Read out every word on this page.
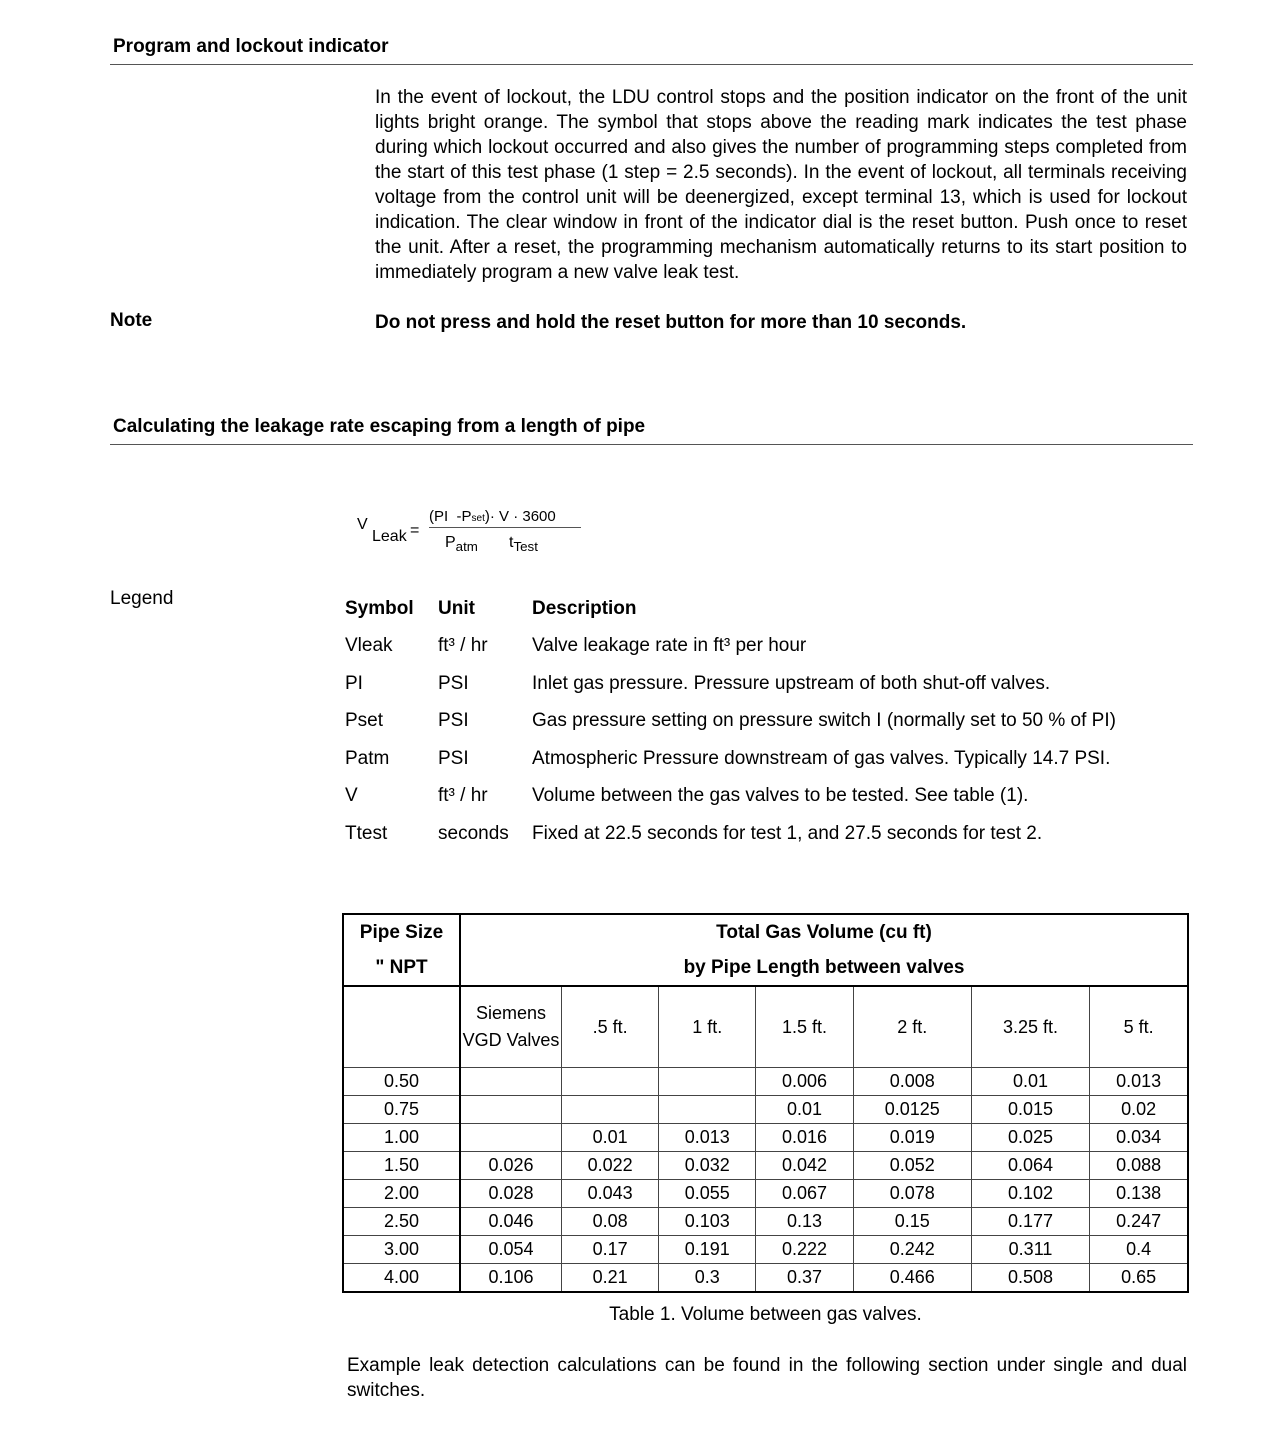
Program and lockout indicator
In the event of lockout, the LDU control stops and the position indicator on the front of the unit lights bright orange. The symbol that stops above the reading mark indicates the test phase during which lockout occurred and also gives the number of programming steps completed from the start of this test phase (1 step = 2.5 seconds). In the event of lockout, all terminals receiving voltage from the control unit will be deenergized, except terminal 13, which is used for lockout indication. The clear window in front of the indicator dial is the reset button. Push once to reset the unit. After a reset, the programming mechanism automatically returns to its start position to immediately program a new valve leak test.
Note	Do not press and hold the reset button for more than 10 seconds.
Calculating the leakage rate escaping from a length of pipe
V
Leak =
(PI -Pset)· V · 3600
$P_{atm}$ $t_{Test}$
Legend	Symbol	Unit	Description
Vleak	ft³ / hr	Valve leakage rate in ft³ per hour
PI	PSI	Inlet gas pressure. Pressure upstream of both shut-off valves.
Pset	PSI	Gas pressure setting on pressure switch I (normally set to 50 % of PI)
Patm	PSI	Atmospheric Pressure downstream of gas valves. Typically 14.7 PSI.
V	ft³ / hr	Volume between the gas valves to be tested. See table (1).
Ttest	seconds	Fixed at 22.5 seconds for test 1, and 27.5 seconds for test 2.
Pipe Size
" NPT	Total Gas Volume (cu ft)
by Pipe Length between valves						
	Siemens VGD Valves	.5 ft.	1 ft.	1.5 ft.	2 ft.	3.25 ft.	5 ft.
0.50				0.006	0.008	0.01	0.013
0.75				0.01	0.0125	0.015	0.02
1.00		0.01	0.013	0.016	0.019	0.025	0.034
1.50	0.026	0.022	0.032	0.042	0.052	0.064	0.088
2.00	0.028	0.043	0.055	0.067	0.078	0.102	0.138
2.50	0.046	0.08	0.103	0.13	0.15	0.177	0.247
3.00	0.054	0.17	0.191	0.222	0.242	0.311	0.4
4.00	0.106	0.21	0.3	0.37	0.466	0.508	0.65
Table 1. Volume between gas valves.
Example leak detection calculations can be found in the following section under single and dual switches.
